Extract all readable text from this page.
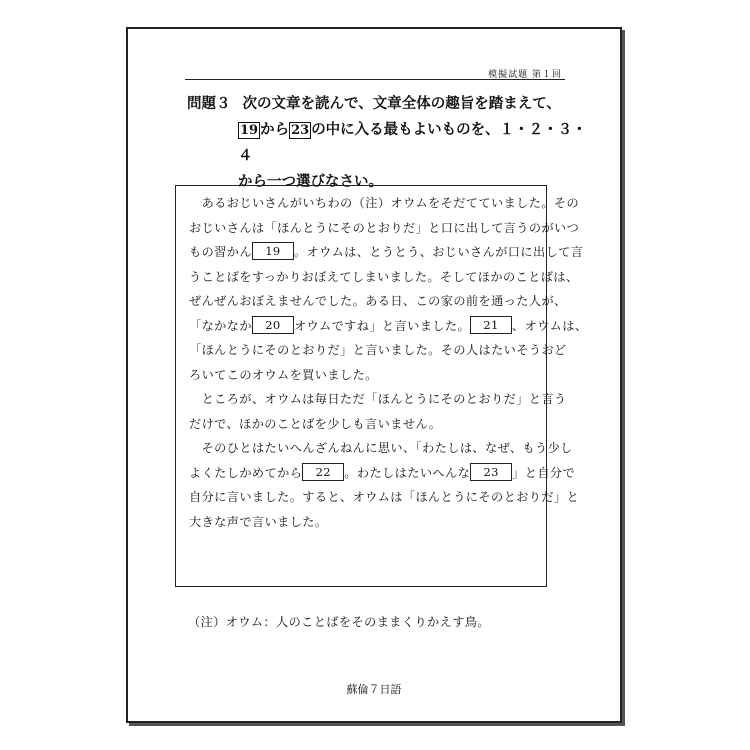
模擬試題 第１回
問題３ 次の文章を読んで、文章全体の趣旨を踏まえて、
19 から 23 の中に入る最もよいものを、１・２・３・４
から一つ選びなさい。

　あるおじいさんがいちわの（注）オウムをそだてていました。その
おじいさんは「ほんとうにそのとおりだ」と口に出して言うのがいつ
もの習かん 19 。オウムは、とうとう、おじいさんが口に出して言
うことばをすっかりおぼえてしまいました。そしてほかのことばは、
ぜんぜんおぼえませんでした。ある日、この家の前を通った人が、
「なかなか 20 オウムですね」と言いました。 21 、オウムは、
「ほんとうにそのとおりだ」と言いました。その人はたいそうおど
ろいてこのオウムを買いました。

　ところが、オウムは毎日ただ「ほんとうにそのとおりだ」と言う
だけで、ほかのことばを少しも言いません。

　そのひとはたいへんざんねんに思い、「わたしは、なぜ、もう少し
よくたしかめてから 22 。わたしはたいへんな 23 」と自分で
自分に言いました。すると、オウムは「ほんとうにそのとおりだ」と
大きな声で言いました。

（注）オウム：人のことばをそのままくりかえす鳥。
蘇倫７日語
